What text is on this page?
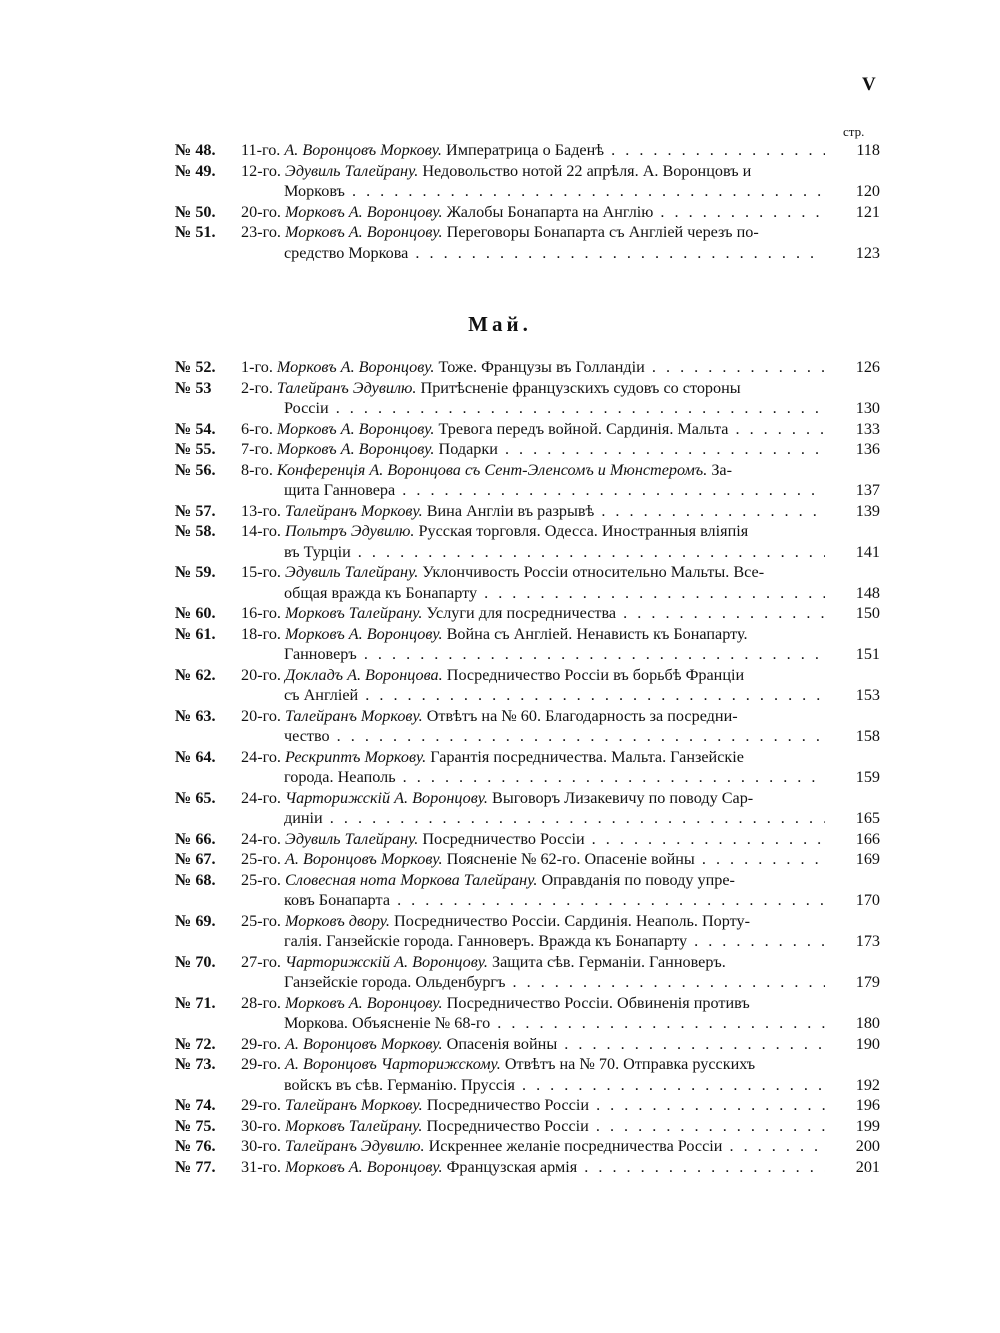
V
стр.
№ 48. 11-го. А. Воронцовъ Моркову. Императрица о Баденѣ . . .	118
№ 49. 12-го. Эдувиль Талейрану. Недовольство нотой 22 апрѣля. А. Воронцовъ и
Морковъ . . .	120
№ 50. 20-го. Морковъ А. Воронцову. Жалобы Бонапарта на Англію . . .	121
№ 51. 23-го. Морковъ А. Воронцову. Переговоры Бонапарта съ Англіей черезъ по-
средство Моркова . . .	123
Май.
№ 52. 1-го. Морковъ А. Воронцову. Тоже. Французы въ Голландіи . . .	126
№ 53 2-го. Талейранъ Эдувилю. Притѣсненіе французскихъ судовъ со стороны
Россіи . . .	130
№ 54. 6-го. Морковъ А. Воронцову. Тревога передъ войной. Сардинія. Мальта . . .	133
№ 55. 7-го. Морковъ А. Воронцову. Подарки . . .	136
№ 56. 8-го. Конференція А. Воронцова съ Сент-Эленсомъ и Мюнстеромъ. За-
щита Ганновера . . .	137
№ 57. 13-го. Талейранъ Моркову. Вина Англіи въ разрывѣ . . .	139
№ 58. 14-го. Польтръ Эдувилю. Русская торговля. Одесса. Иностранныя вліяпія
въ Турціи . . .	141
№ 59. 15-го. Эдувиль Талейрану. Уклончивость Россіи относительно Мальты. Все-
общая вражда къ Бонапарту . . .	148
№ 60. 16-го. Морковъ Талейрану. Услуги для посредничества . . .	150
№ 61. 18-го. Морковъ А. Воронцову. Война съ Англіей. Ненависть къ Бонапарту.
Ганноверъ . . .	151
№ 62. 20-го. Докладъ А. Воронцова. Посредничество Россіи въ борьбѣ Франціи
съ Англіей . . .	153
№ 63. 20-го. Талейранъ Моркову. Отвѣтъ на № 60. Благодарность за посредни-
чество . . .	158
№ 64. 24-го. Рескриптъ Моркову. Гарантія посредничества. Мальта. Ганзейскіе
города. Неаполь . . .	159
№ 65. 24-го. Чарторижскій А. Воронцову. Выговоръ Лизакевичу по поводу Сар-
диніи . . .	165
№ 66. 24-го. Эдувиль Талейрану. Посредничество Россіи . . .	166
№ 67. 25-го. А. Воронцовъ Моркову. Поясненіе № 62-го. Опасеніе войны . . .	169
№ 68. 25-го. Словесная нота Моркова Талейрану. Оправданія по поводу упре-
ковъ Бонапарта . . .	170
№ 69. 25-го. Морковъ двору. Посредничество Россіи. Сардинія. Неаполь. Порту-
галія. Ганзейскіе города. Ганноверъ. Вражда къ Бонапарту . . .	173
№ 70. 27-го. Чарторижскій А. Воронцову. Защита сѣв. Германіи. Ганноверъ.
Ганзейскіе города. Ольденбургъ . . .	179
№ 71. 28-го. Морковъ А. Воронцову. Посредничество Россіи. Обвиненія противъ
Моркова. Объясненіе № 68-го . . .	180
№ 72. 29-го. А. Воронцовъ Моркову. Опасенія войны . . .	190
№ 73. 29-го. А. Воронцовъ Чарторижскому. Отвѣтъ на № 70. Отправка русскихъ
войскъ въ сѣв. Германію. Пруссія . . .	192
№ 74. 29-го. Талейранъ Моркову. Посредничество Россіи . . .	196
№ 75. 30-го. Морковъ Талейрану. Посредничество Россіи . . .	199
№ 76. 30-го. Талейранъ Эдувилю. Искреннее желаніе посредничества Россіи . . .	200
№ 77. 31-го. Морковъ А. Воронцову. Французская армія . . .	201
